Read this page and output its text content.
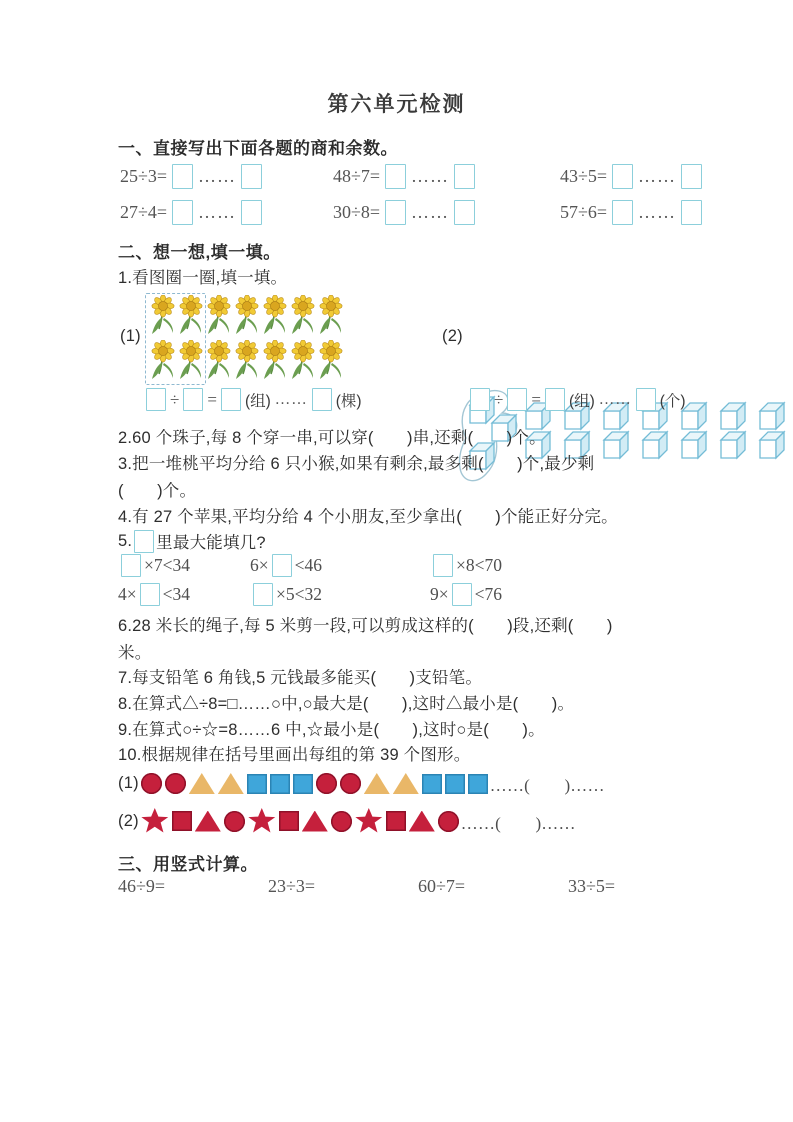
第六单元检测
一、直接写出下面各题的商和余数。
25÷3= ……	48÷7= ……	43÷5= ……
27÷4= ……	30÷8= ……	57÷6= ……
二、想一想,填一填。
1.看图圈一圈,填一填。
(1)
÷ = (组) …… (棵)
(2)
÷ = (组) …… (个)
2.60 个珠子,每 8 个穿一串,可以穿(　　)串,还剩(　　)个。
3.把一堆桃平均分给 6 只小猴,如果有剩余,最多剩(　　)个,最少剩
(　　)个。
4.有 27 个苹果,平均分给 4 个小朋友,至少拿出(　　)个能正好分完。
5. 里最大能填几?
×7<34	6× <46	×8<70
4× <34	×5<32	9× <76
6.28 米长的绳子,每 5 米剪一段,可以剪成这样的(　　)段,还剩(　　)
米。
7.每支铅笔 6 角钱,5 元钱最多能买(　　)支铅笔。
8.在算式△÷8=□……○中,○最大是(　　),这时△最小是(　　)。
9.在算式○÷☆=8……6 中,☆最小是(　　),这时○是(　　)。
10.根据规律在括号里画出每组的第 39 个图形。
(1)	……(　　)……
(2)	……(　　)……
三、用竖式计算。
46÷9=	23÷3=	60÷7=	33÷5=
